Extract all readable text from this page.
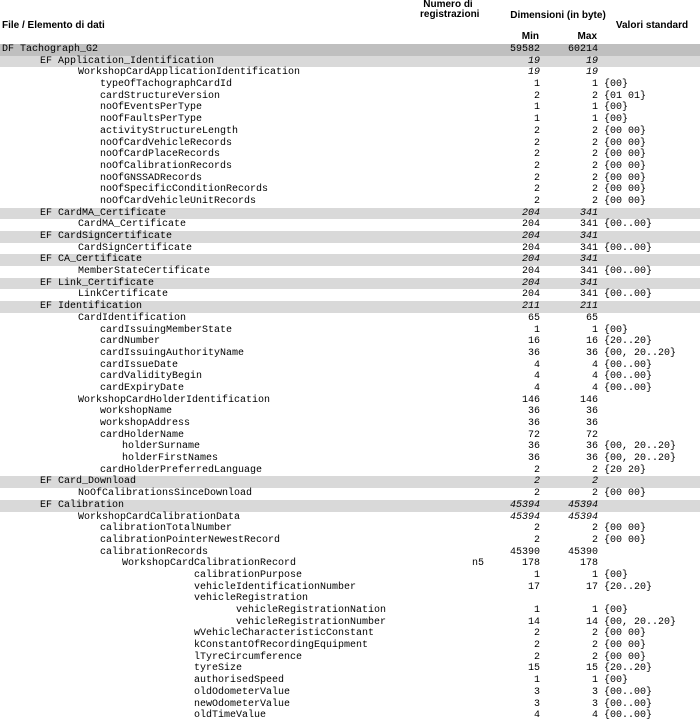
File / Elemento di dati
Numero di registrazioni	Dimensioni (in byte)
Min	Max
Valori standard
DF Tachograph_G2	59582	60214
EF Application_Identification	19	19
WorkshopCardApplicationIdentification	19	19
typeOfTachographCardId	1	1 {00}
cardStructureVersion	2	2 {01 01}
noOfEventsPerType	1	1 {00}
noOfFaultsPerType	1	1 {00}
activityStructureLength	2	2 {00 00}
noOfCardVehicleRecords	2	2 {00 00}
noOfCardPlaceRecords	2	2 {00 00}
noOfCalibrationRecords	2	2 {00 00}
noOfGNSSADRecords	2	2 {00 00}
noOfSpecificConditionRecords	2	2 {00 00}
noOfCardVehicleUnitRecords	2	2 {00 00}
EF CardMA_Certificate	204	341
CardMA_Certificate	204	341 {00..00}
EF CardSignCertificate	204	341
CardSignCertificate	204	341 {00..00}
EF CA_Certificate	204	341
MemberStateCertificate	204	341 {00..00}
EF Link_Certificate	204	341
LinkCertificate	204	341 {00..00}
EF Identification	211	211
CardIdentification	65	65
cardIssuingMemberState	1	1 {00}
cardNumber	16	16 {20..20}
cardIssuingAuthorityName	36	36 {00, 20..20}
cardIssueDate	4	4 {00..00}
cardValidityBegin	4	4 {00..00}
cardExpiryDate	4	4 {00..00}
WorkshopCardHolderIdentification	146	146
workshopName	36	36
workshopAddress	36	36
cardHolderName	72	72
holderSurname	36	36 {00, 20..20}
holderFirstNames	36	36 {00, 20..20}
cardHolderPreferredLanguage	2	2 {20 20}
EF Card_Download	2	2
NoOfCalibrationsSinceDownload	2	2 {00 00}
EF Calibration	45394	45394
WorkshopCardCalibrationData	45394	45394
calibrationTotalNumber	2	2 {00 00}
calibrationPointerNewestRecord	2	2 {00 00}
calibrationRecords	45390	45390
WorkshopCardCalibrationRecord	n5	178	178
calibrationPurpose	1	1 {00}
vehicleIdentificationNumber	17	17 {20..20}
vehicleRegistration
vehicleRegistrationNation	1	1 {00}
vehicleRegistrationNumber	14	14 {00, 20..20}
wVehicleCharacteristicConstant	2	2 {00 00}
kConstantOfRecordingEquipment	2	2 {00 00}
lTyreCircumference	2	2 {00 00}
tyreSize	15	15 {20..20}
authorisedSpeed	1	1 {00}
oldOdometerValue	3	3 {00..00}
newOdometerValue	3	3 {00..00}
oldTimeValue	4	4 {00..00}
